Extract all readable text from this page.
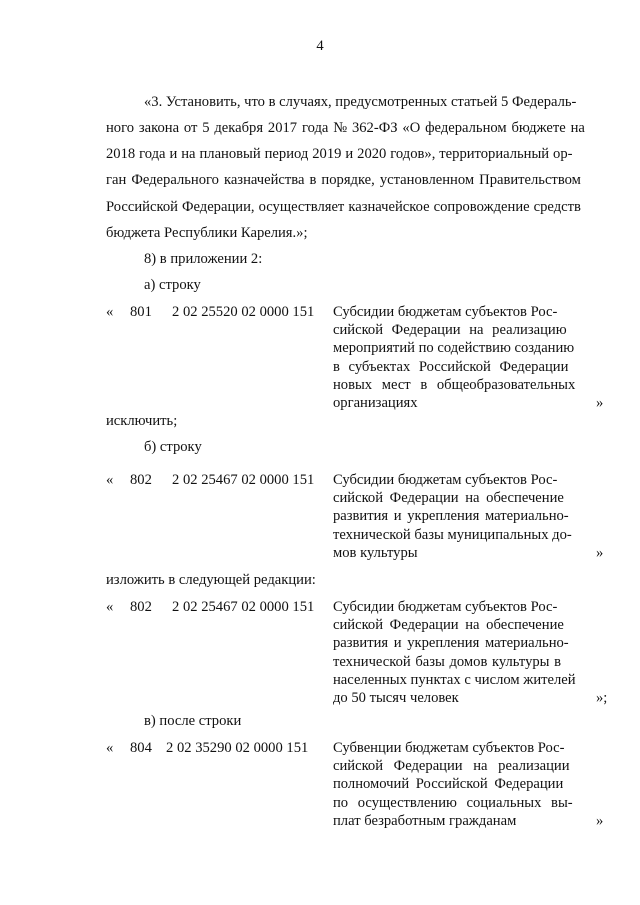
4

«3. Установить, что в случаях, предусмотренных статьей 5 Федераль-

ного закона от 5 декабря 2017 года № 362-ФЗ «О федеральном бюджете на

2018 года и на плановый период 2019 и 2020 годов», территориальный ор-

ган Федерального казначейства в порядке, установленном Правительством

Российской Федерации, осуществляет казначейское сопровождение средств

бюджета Республики Карелия.»;

8) в приложении 2:

а) строку

« 801 2 02 25520 02 0000 151 Субсидии бюджетам субъектов Рос-
сийской Федерации на реализацию
мероприятий по содействию созданию
в субъектах Российской Федерации
новых мест в общеобразовательных
организациях	»

исключить;

б) строку

« 802 2 02 25467 02 0000 151 Субсидии бюджетам субъектов Рос-
сийской Федерации на обеспечение
развития и укрепления материально-
технической базы муниципальных до-
мов культуры	»

изложить в следующей редакции:

« 802 2 02 25467 02 0000 151 Субсидии бюджетам субъектов Рос-
сийской Федерации на обеспечение
развития и укрепления материально-
технической базы домов культуры в
населенных пунктах с числом жителей
до 50 тысяч человек	»;

в) после строки

« 804 2 02 35290 02 0000 151 Субвенции бюджетам субъектов Рос-
сийской Федерации на реализации
полномочий Российской Федерации
по осуществлению социальных вы-
плат безработным гражданам	»
